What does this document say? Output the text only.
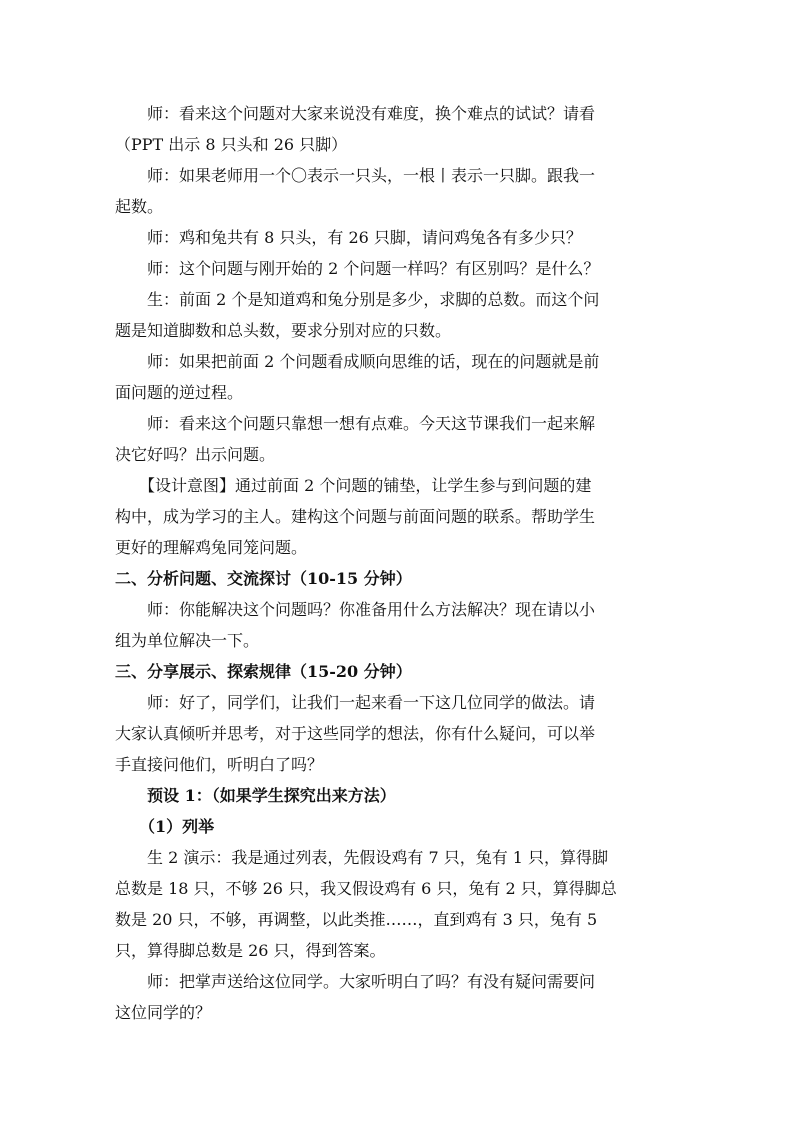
　　师：看来这个问题对大家来说没有难度，换个难点的试试？请看
（PPT 出示 8 只头和 26 只脚）
　　师：如果老师用一个〇表示一只头，一根丨表示一只脚。跟我一
起数。
　　师：鸡和兔共有 8 只头，有 26 只脚，请问鸡兔各有多少只？
　　师：这个问题与刚开始的 2 个问题一样吗？有区别吗？是什么？
　　生：前面 2 个是知道鸡和兔分别是多少，求脚的总数。而这个问
题是知道脚数和总头数，要求分别对应的只数。
　　师：如果把前面 2 个问题看成顺向思维的话，现在的问题就是前
面问题的逆过程。
　　师：看来这个问题只靠想一想有点难。今天这节课我们一起来解
决它好吗？出示问题。
　　【设计意图】通过前面 2 个问题的铺垫，让学生参与到问题的建
构中，成为学习的主人。建构这个问题与前面问题的联系。帮助学生
更好的理解鸡兔同笼问题。
二、分析问题、交流探讨（10-15 分钟）
　　师：你能解决这个问题吗？你准备用什么方法解决？现在请以小
组为单位解决一下。
三、分享展示、探索规律（15-20 分钟）
　　师：好了，同学们，让我们一起来看一下这几位同学的做法。请
大家认真倾听并思考，对于这些同学的想法，你有什么疑问，可以举
手直接问他们，听明白了吗？
　　预设 1：（如果学生探究出来方法）
　　（1）列举
　　生 2 演示：我是通过列表，先假设鸡有 7 只，兔有 1 只，算得脚
总数是 18 只，不够 26 只，我又假设鸡有 6 只，兔有 2 只，算得脚总
数是 20 只，不够，再调整，以此类推……，直到鸡有 3 只，兔有 5
只，算得脚总数是 26 只，得到答案。
　　师：把掌声送给这位同学。大家听明白了吗？有没有疑问需要问
这位同学的？
